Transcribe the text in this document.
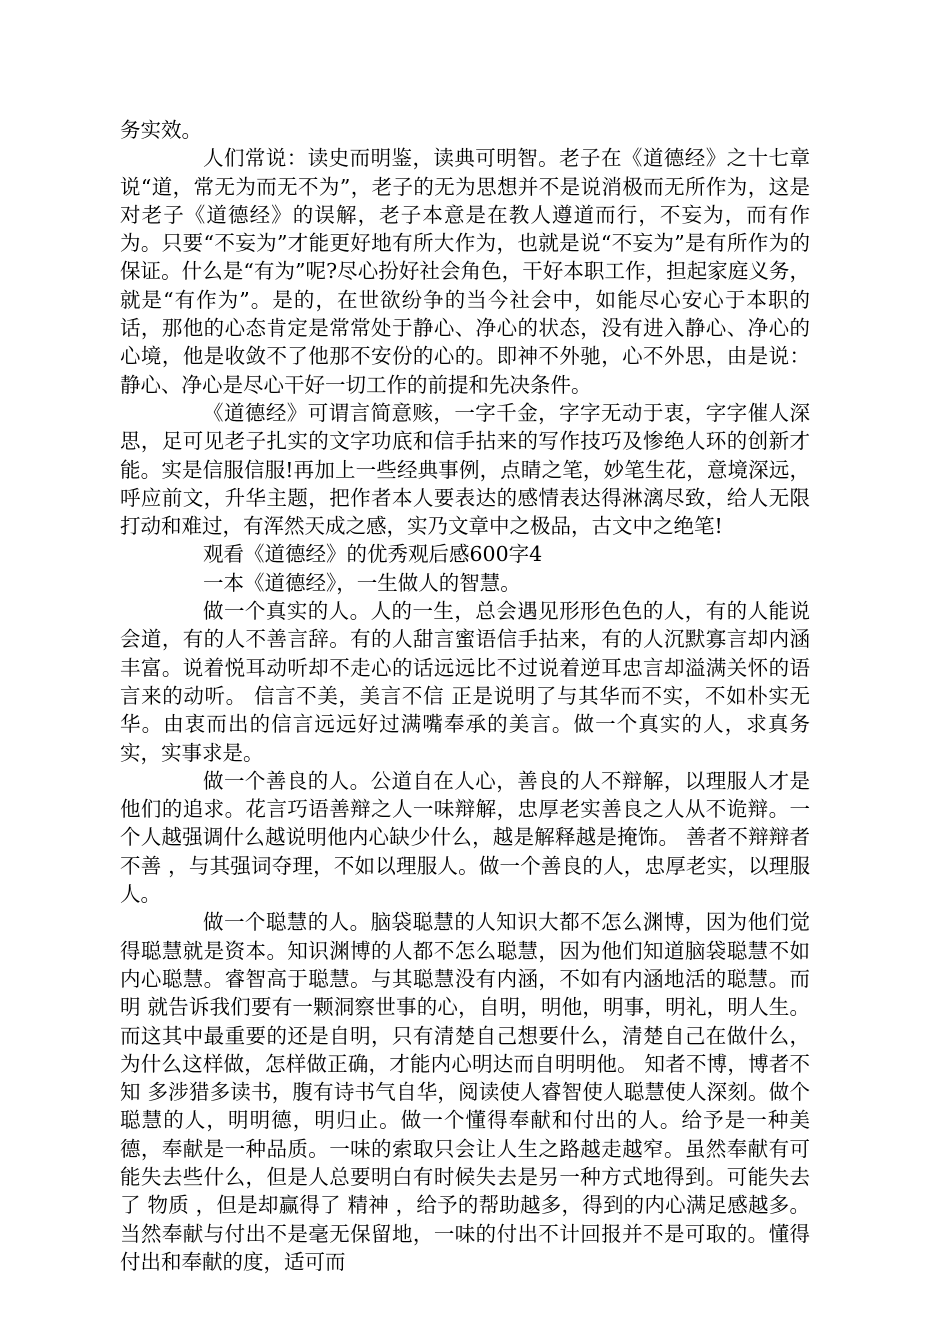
务实效。

人们常说：读史而明鉴，读典可明智。老子在《道德经》之十七章说“道，常无为而无不为”，老子的无为思想并不是说消极而无所作为，这是对老子《道德经》的误解，老子本意是在教人遵道而行，不妄为，而有作为。只要“不妄为”才能更好地有所大作为，也就是说“不妄为”是有所作为的保证。什么是“有为”呢?尽心扮好社会角色，干好本职工作，担起家庭义务，就是“有作为”。是的，在世欲纷争的当今社会中，如能尽心安心于本职的话，那他的心态肯定是常常处于静心、净心的状态，没有进入静心、净心的心境，他是收敛不了他那不安份的心的。即神不外驰，心不外思，由是说：静心、净心是尽心干好一切工作的前提和先决条件。

《道德经》可谓言简意赅，一字千金，字字无动于衷，字字催人深思，足可见老子扎实的文字功底和信手拈来的写作技巧及惨绝人环的创新才能。实是信服信服!再加上一些经典事例，点睛之笔，妙笔生花，意境深远，呼应前文，升华主题，把作者本人要表达的感情表达得淋漓尽致，给人无限打动和难过，有浑然天成之感，实乃文章中之极品，古文中之绝笔!

观看《道德经》的优秀观后感600字4

一本《道德经》，一生做人的智慧。

做一个真实的人。人的一生，总会遇见形形色色的人，有的人能说会道，有的人不善言辞。有的人甜言蜜语信手拈来，有的人沉默寡言却内涵丰富。说着悦耳动听却不走心的话远远比不过说着逆耳忠言却溢满关怀的语言来的动听。 信言不美，美言不信 正是说明了与其华而不实，不如朴实无华。由衷而出的信言远远好过满嘴奉承的美言。做一个真实的人，求真务实，实事求是。

做一个善良的人。公道自在人心，善良的人不辩解，以理服人才是他们的追求。花言巧语善辩之人一味辩解，忠厚老实善良之人从不诡辩。一个人越强调什么越说明他内心缺少什么，越是解释越是掩饰。 善者不辩辩者不善 ，与其强词夺理，不如以理服人。做一个善良的人，忠厚老实，以理服人。

做一个聪慧的人。脑袋聪慧的人知识大都不怎么渊博，因为他们觉得聪慧就是资本。知识渊博的人都不怎么聪慧，因为他们知道脑袋聪慧不如内心聪慧。睿智高于聪慧。与其聪慧没有内涵，不如有内涵地活的聪慧。而 明 就告诉我们要有一颗洞察世事的心，自明，明他，明事，明礼，明人生。而这其中最重要的还是自明，只有清楚自己想要什么，清楚自己在做什么，为什么这样做，怎样做正确，才能内心明达而自明明他。 知者不博，博者不知 多涉猎多读书，腹有诗书气自华，阅读使人睿智使人聪慧使人深刻。做个聪慧的人，明明德，明归止。做一个懂得奉献和付出的人。给予是一种美德，奉献是一种品质。一味的索取只会让人生之路越走越窄。虽然奉献有可能失去些什么，但是人总要明白有时候失去是另一种方式地得到。可能失去了 物质 ，但是却赢得了 精神 ，给予的帮助越多，得到的内心满足感越多。当然奉献与付出不是毫无保留地，一味的付出不计回报并不是可取的。懂得付出和奉献的度，适可而
